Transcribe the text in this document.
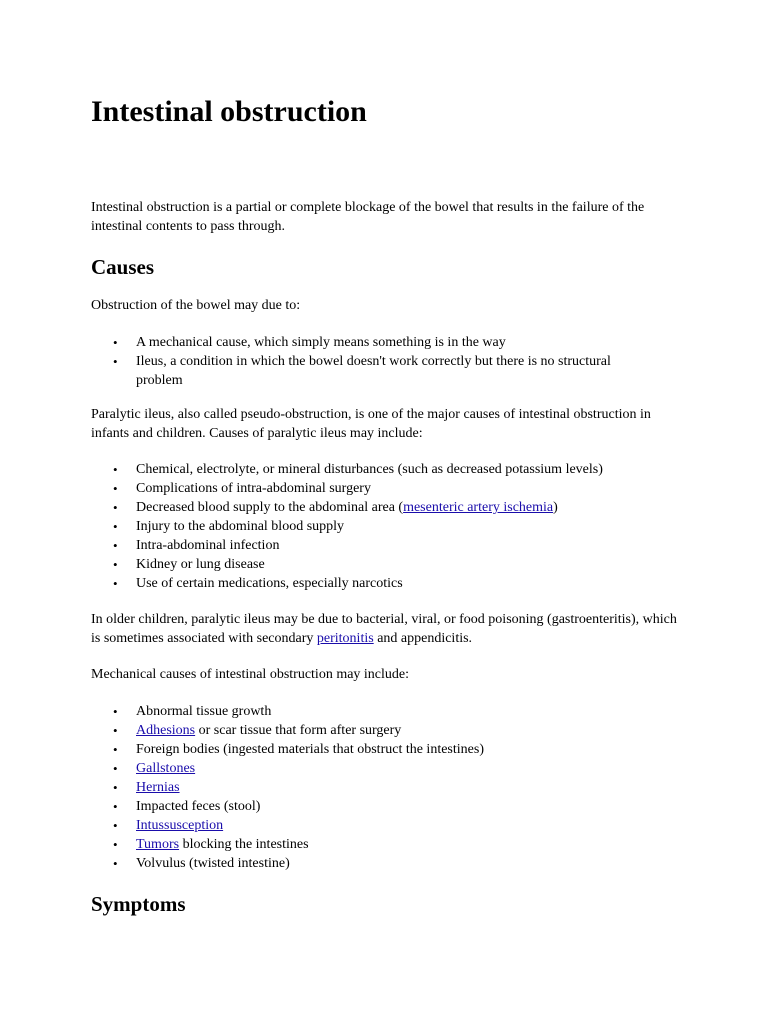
Intestinal obstruction

Intestinal obstruction is a partial or complete blockage of the bowel that results in the failure of the intestinal contents to pass through.

Causes

Obstruction of the bowel may due to:

• A mechanical cause, which simply means something is in the way
• Ileus, a condition in which the bowel doesn't work correctly but there is no structural problem

Paralytic ileus, also called pseudo-obstruction, is one of the major causes of intestinal obstruction in infants and children. Causes of paralytic ileus may include:

• Chemical, electrolyte, or mineral disturbances (such as decreased potassium levels)
• Complications of intra-abdominal surgery
• Decreased blood supply to the abdominal area (mesenteric artery ischemia)
• Injury to the abdominal blood supply
• Intra-abdominal infection
• Kidney or lung disease
• Use of certain medications, especially narcotics

In older children, paralytic ileus may be due to bacterial, viral, or food poisoning (gastroenteritis), which is sometimes associated with secondary peritonitis and appendicitis.

Mechanical causes of intestinal obstruction may include:

• Abnormal tissue growth
• Adhesions or scar tissue that form after surgery
• Foreign bodies (ingested materials that obstruct the intestines)
• Gallstones
• Hernias
• Impacted feces (stool)
• Intussusception
• Tumors blocking the intestines
• Volvulus (twisted intestine)
Symptoms
